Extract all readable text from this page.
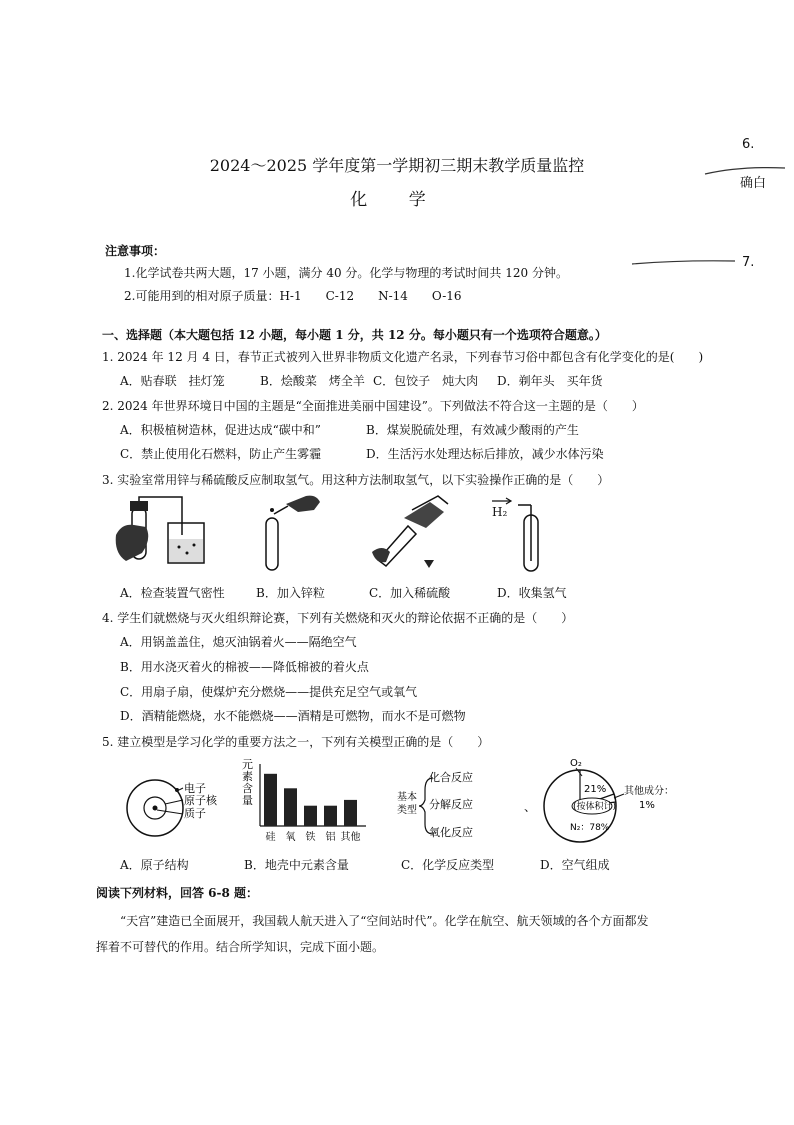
2024～2025 学年度第一学期初三期末教学质量监控
化 学
6.
确白
7.
注意事项：
1.化学试卷共两大题，17 小题，满分 40 分。化学与物理的考试时间共 120 分钟。
2.可能用到的相对原子质量：H-1　　C-12　　N-14　　O-16
一、选择题（本大题包括 12 小题，每小题 1 分，共 12 分。每小题只有一个选项符合题意。）
1. 2024 年 12 月 4 日，春节正式被列入世界非物质文化遗产名录，下列春节习俗中都包含有化学变化的是(　　)
A．贴春联　挂灯笼	B．烩酸菜　烤全羊 C．包饺子　炖大肉 D．剃年头　买年货
2. 2024 年世界环境日中国的主题是“全面推进美丽中国建设”。下列做法不符合这一主题的是（　　）
A．积极植树造林，促进达成“碳中和”	B．煤炭脱硫处理，有效减少酸雨的产生
C．禁止使用化石燃料，防止产生雾霾	D．生活污水处理达标后排放，减少水体污染
3. 实验室常用锌与稀硫酸反应制取氢气。用这种方法制取氢气，以下实验操作正确的是（　　）
A．检查装置气密性	B．加入锌粒	C．加入稀硫酸
H₂
D．收集氢气
4. 学生们就燃烧与灭火组织辩论赛，下列有关燃烧和灭火的辩论依据不正确的是（　　）
A．用锅盖盖住，熄灭油锅着火——隔绝空气
B．用水浇灭着火的棉被——降低棉被的着火点
C．用扇子扇，使煤炉充分燃烧——提供充足空气或氧气
D．酒精能燃烧，水不能燃烧——酒精是可燃物，而水不是可燃物
5. 建立模型是学习化学的重要方法之一，下列有关模型正确的是（　　）
电子
原子核
质子
A．原子结构
元
素
含
量
硅 氧 铁 铝 其他
B．地壳中元素含量
基本
类型
化合反应
分解反应
氧化反应
、
C．化学反应类型
O₂
21%
(按体积计)
N₂：78%
其他成分：
1%
D．空气组成
阅读下列材料，回答 6-8 题：
“天宫”建造已全面展开，我国载人航天进入了“空间站时代”。化学在航空、航天领域的各个方面都发
挥着不可替代的作用。结合所学知识，完成下面小题。
